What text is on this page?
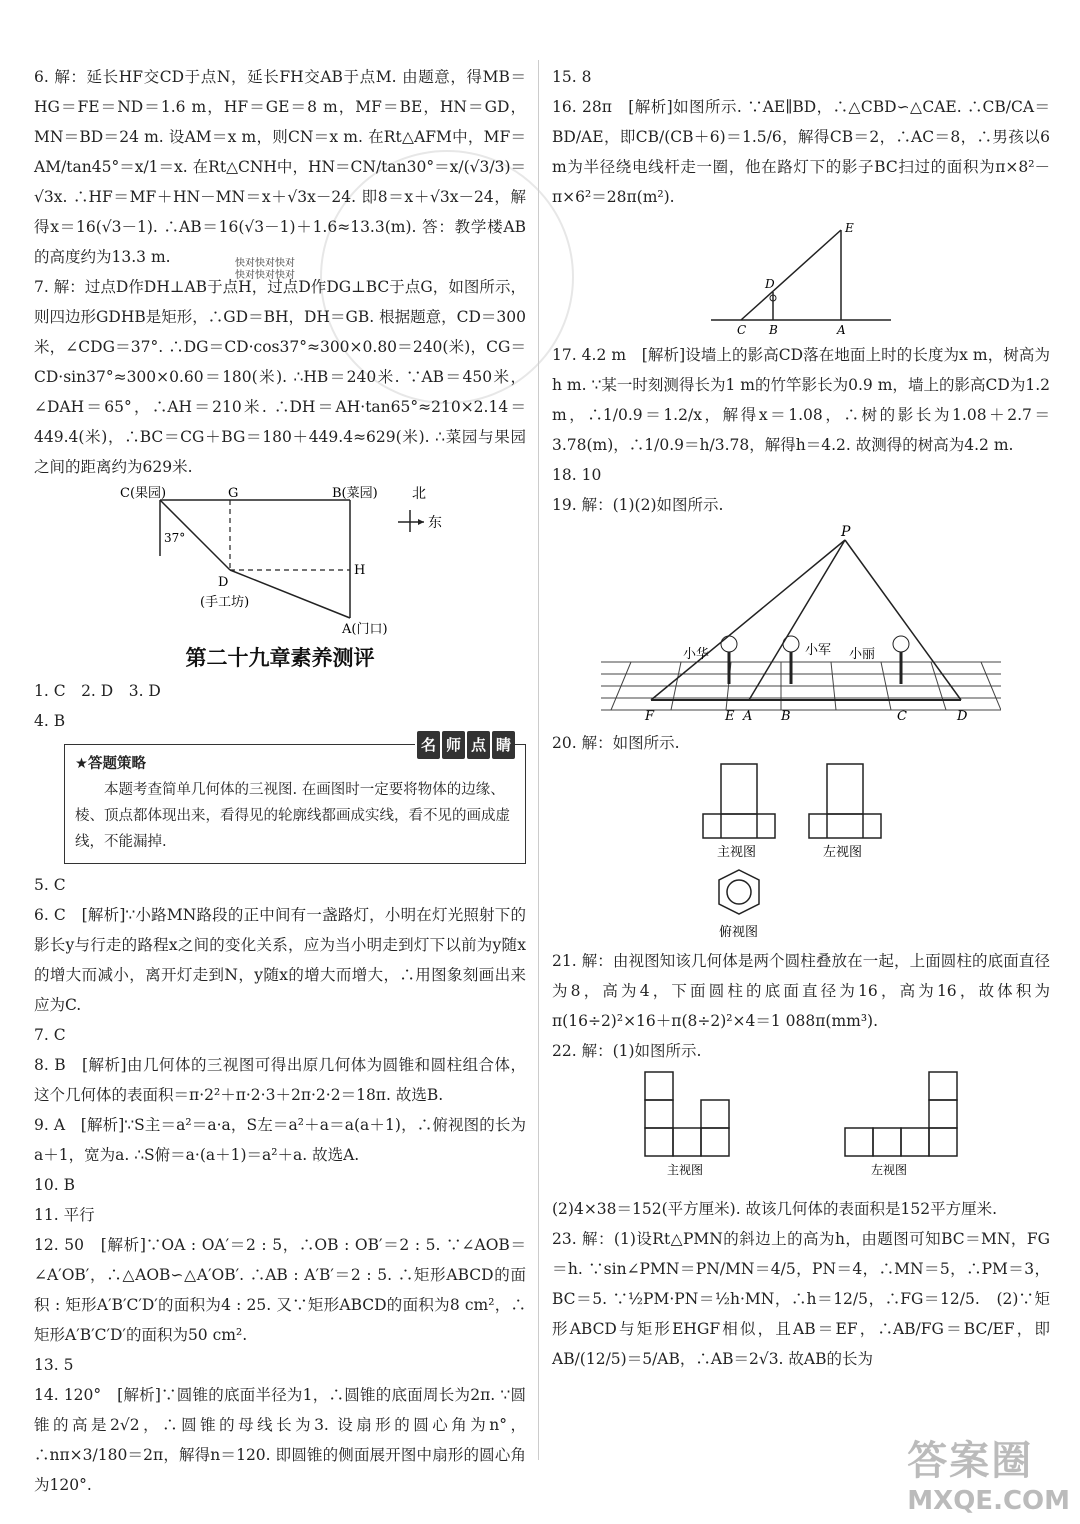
快对快对快对
快对快对快对

6. 解：延长HF交CD于点N，延长FH交AB于点M. 由题意，得MB＝HG＝FE＝ND＝1.6 m，HF＝GE＝8 m，MF＝BE，HN＝GD，MN＝BD＝24 m. 设AM＝x m，则CN＝x m. 在Rt△AFM中，MF＝AM/tan45°＝x/1＝x. 在Rt△CNH中，HN＝CN/tan30°＝x/(√3/3)＝√3x. ∴HF＝MF＋HN－MN＝x＋√3x－24. 即8＝x＋√3x－24，解得x＝16(√3－1). ∴AB＝16(√3－1)＋1.6≈13.3(m). 答：教学楼AB的高度约为13.3 m.

7. 解：过点D作DH⊥AB于点H，过点D作DG⊥BC于点G，如图所示，则四边形GDHB是矩形，∴GD＝BH，DH＝GB. 根据题意，CD＝300米，∠CDG＝37°. ∴DG＝CD·cos37°≈300×0.80＝240(米)，CG＝CD·sin37°≈300×0.60＝180(米). ∴HB＝240米. ∵AB＝450米，∠DAH＝65°，∴AH＝210米. ∴DH＝AH·tan65°≈210×2.14＝449.4(米)，∴BC＝CG＋BG＝180＋449.4≈629(米). ∴菜园与果园之间的距离约为629米.

C(果园)	G	B(菜园)
H
D
(手工坊)
A(门口)
37°
北
东
第二十九章素养测评

1. C　2. D　3. D

4. B

名 师 点 睛
★答题策略
本题考查简单几何体的三视图. 在画图时一定要将物体的边缘、棱、顶点都体现出来，看得见的轮廓线都画成实线，看不见的画成虚线，不能漏掉.

5. C

6. C　[解析]∵小路MN路段的正中间有一盏路灯，小明在灯光照射下的影长y与行走的路程x之间的变化关系，应为当小明走到灯下以前为y随x的增大而减小，离开灯走到N，y随x的增大而增大，∴用图象刻画出来应为C.

7. C

8. B　[解析]由几何体的三视图可得出原几何体为圆锥和圆柱组合体，这个几何体的表面积＝π·2²＋π·2·3＋2π·2·2＝18π. 故选B.

9. A　[解析]∵S主＝a²＝a·a，S左＝a²＋a＝a(a＋1)，∴俯视图的长为a＋1，宽为a. ∴S俯＝a·(a＋1)＝a²＋a. 故选A.

10. B

11. 平行

12. 50　[解析]∵OA : OA′＝2 : 5，∴OB : OB′＝2 : 5. ∵∠AOB＝∠A′OB′，∴△AOB∽△A′OB′. ∴AB : A′B′＝2 : 5. ∴矩形ABCD的面积 : 矩形A′B′C′D′的面积为4 : 25. 又∵矩形ABCD的面积为8 cm²，∴矩形A′B′C′D′的面积为50 cm².

13. 5

14. 120°　[解析]∵圆锥的底面半径为1，∴圆锥的底面周长为2π. ∵圆锥的高是2√2，∴圆锥的母线长为3. 设扇形的圆心角为n°，∴nπ×3/180＝2π，解得n＝120. 即圆锥的侧面展开图中扇形的圆心角为120°.

15. 8

16. 28π　[解析]如图所示. ∵AE∥BD，∴△CBD∽△CAE. ∴CB/CA＝BD/AE，即CB/(CB＋6)＝1.5/6，解得CB＝2，∴AC＝8，∴男孩以6 m为半径绕电线杆走一圈，他在路灯下的影子BC扫过的面积为π×8²－π×6²＝28π(m²).

E
D
C B	A

17. 4.2 m　[解析]设墙上的影高CD落在地面上时的长度为x m，树高为h m. ∵某一时刻测得长为1 m的竹竿影长为0.9 m，墙上的影高CD为1.2 m，∴1/0.9＝1.2/x，解得x＝1.08，∴树的影长为1.08＋2.7＝3.78(m)，∴1/0.9＝h/3.78，解得h＝4.2. 故测得的树高为4.2 m.

18. 10

19. 解：(1)(2)如图所示.

P
小华	小军 小丽
F	E A B	C	D

20. 解：如图所示.

主视图	左视图
俯视图

21. 解：由视图知该几何体是两个圆柱叠放在一起，上面圆柱的底面直径为8，高为4，下面圆柱的底面直径为16，高为16，故体积为π(16÷2)²×16＋π(8÷2)²×4＝1 088π(mm³).

22. 解：(1)如图所示.

主视图	左视图

(2)4×38＝152(平方厘米). 故该几何体的表面积是152平方厘米.

23. 解：(1)设Rt△PMN的斜边上的高为h，由题图可知BC＝MN，FG＝h. ∵sin∠PMN＝PN/MN＝4/5，PN＝4，∴MN＝5，∴PM＝3，BC＝5. ∵½PM·PN＝½h·MN，∴h＝12/5，∴FG＝12/5.　(2)∵矩形ABCD与矩形EHGF相似，且AB＝EF，∴AB/FG＝BC/EF，即AB/(12/5)＝5/AB，∴AB＝2√3. 故AB的长为

答案圈
MXQE.COM
